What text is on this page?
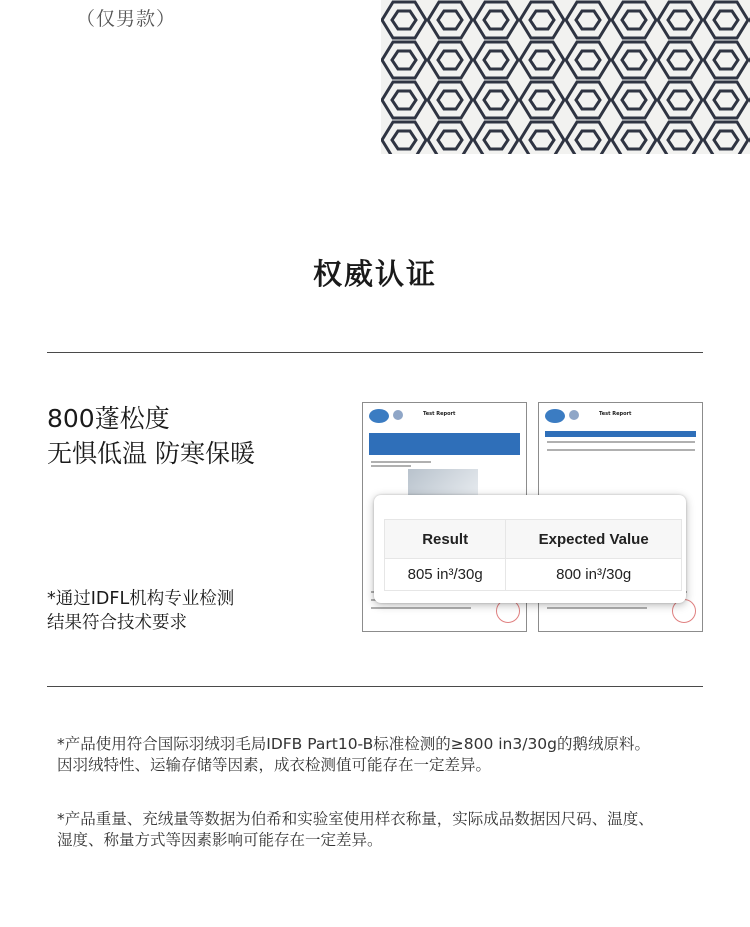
（仅男款）
权威认证
800蓬松度
无惧低温 防寒保暖
*通过IDFL机构专业检测
结果符合技术要求
Test Report	Test Report
Result	Expected Value
805 in³/30g	800 in³/30g
*产品使用符合国际羽绒羽毛局IDFB Part10-B标准检测的≥800 in3/30g的鹅绒原料。
因羽绒特性、运输存储等因素，成衣检测值可能存在一定差异。
*产品重量、充绒量等数据为伯希和实验室使用样衣称量，实际成品数据因尺码、温度、
湿度、称量方式等因素影响可能存在一定差异。
